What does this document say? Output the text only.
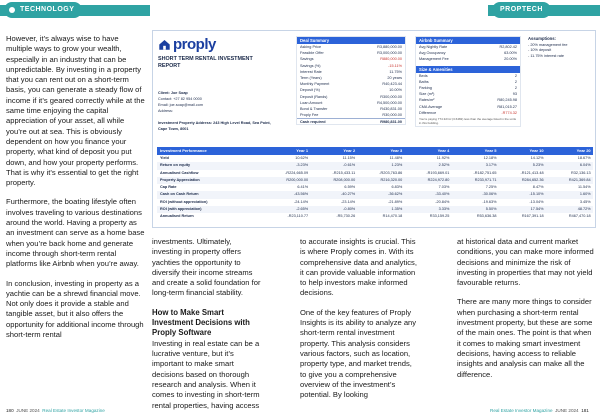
TECHNOLOGY	PROPTECH

However, it’s always wise to have multiple ways to grow your wealth, especially in an industry that can be unpredictable. By investing in a property that you can rent out on a short-term basis, you can generate a steady flow of income if it’s geared correctly while at the same time enjoying the capital appreciation of your asset, all while you’re out at sea. This is obviously dependent on how you finance your property, what kind of deposit you put down, and how your property performs. That is why it’s essential to get the right property.

Furthermore, the boating lifestyle often involves traveling to various destinations around the world. Having a property as an investment can serve as a home base when you’re back home and generate income through short-term rental platforms like Airbnb when you’re away.

In conclusion, investing in property as a yachtie can be a shrewd financial move. Not only does it provide a stable and tangible asset, but it also offers the opportunity for additional income through short-term rental

proply
SHORT TERM RENTAL INVESTMENT REPORT
Client: Joe Soap
Contact: +27 82 954 0000
Email: joe.soap@mail.com
Address:
Investment Property Address: 243 High Level Road, Sea Point, Cape Town, 8001
Deal Summary
Asking Price	R3,880,000.00
Feasible Offer	R3,000,000.00
Savings	R880,000.00
Savings (%)	-15.11%
Interest Rate	11.75%
Term (Years)	20 years
Monthly Payment	R40,423.44
Deposit (%)	10.00%
Deposit (Rands)	R300,000.00
Loan Amount	R4,500,000.00
Bond & Transfer	R430,831.00
Proply Fee	R30,000.00
Cash required	R980,831.00
Airbnb Summary
Avg Nightly Rate	R2,802.42
Avg Occupancy	63.00%
Management Fee	20.00%
Size & Amenities
Beds	2
Baths	2
Parking	2
Size (m²)	93
Rates/m²	R80,245.98
CMA Average	R81,015.27
Difference	-R774.32
You're paying 774.32/m² (3.6482) less than the average listed in the units in this building.
Assumptions:
- 20% management fee
- 10% deposit
- 11.75% interest rate
Investment Performance	Year 1	Year 2	Year 3	Year 4	Year 5	Year 10	Year 20
Yield	10.62%	11.15%	11.48%	11.92%	12.18%	14.12%	18.67%
Return on equity	-3.23%	-0.61%	1.23%	2.52%	3.17%	5.23%	6.04%
Annualised Cashflow	-R224,665.09	-R215,433.11	-R203,763.86	-R193,669.01	-R182,751.65	-R121,413.48	R32,136.13
Property Appreciation	R200,000.00	R208,000.00	R216,320.00	R224,972.80	R233,971.71	R284,652.36	R421,369.84
Cap Rate	6.41%	6.59%	6.83%	7.03%	7.25%	8.47%	11.54%
Cash on Cash Return	-43.56%	-40.27%	-36.62%	-33.40%	-30.06%	-15.10%	1.60%
ROI (without appreciation)	-24.14%	-23.14%	-21.89%	-20.84%	-19.63%	-13.04%	3.45%
ROI (with appreciation)	-2.65%	-0.80%	1.35%	3.33%	5.50%	17.54%	48.72%
Annualised Return	-R23,110.77	-R5,730.26	R14,470.18	R33,159.25	R53,636.38	R167,391.18	R467,470.18

investments. Ultimately, investing in property offers yachties the opportunity to diversify their income streams and create a solid foundation for long-term financial stability.

How to Make Smart Investment Decisions with Proply Software

Investing in real estate can be a lucrative venture, but it’s important to make smart decisions based on thorough research and analysis. When it comes to investing in short-term rental properties, having access

to accurate insights is crucial. This is where Proply comes in. With its comprehensive data and analytics, it can provide valuable information to help investors make informed decisions.

One of the key features of Proply Insights is its ability to analyze any short-term rental investment property. This analysis considers various factors, such as location, property type, and market trends, to give you a comprehensive overview of the investment’s potential. By looking

at historical data and current market conditions, you can make more informed decisions and minimize the risk of investing in properties that may not yield favourable returns.

There are many more things to consider when purchasing a short-term rental investment property, but these are some of the main ones. The point is that when it comes to making smart investment decisions, having access to reliable insights and analysis can make all the difference.

180 JUNE 2024 Real Estate Investor Magazine	Real Estate Investor Magazine JUNE 2024 181
